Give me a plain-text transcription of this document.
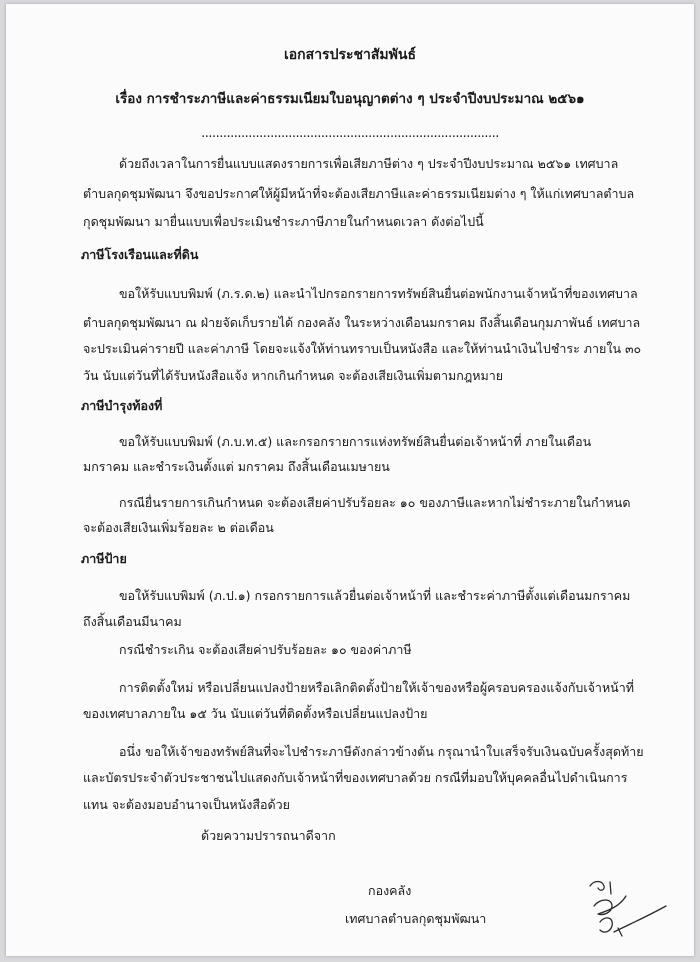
เอกสารประชาสัมพันธ์
เรื่อง การชำระภาษีและค่าธรรมเนียมใบอนุญาตต่าง ๆ ประจำปีงบประมาณ ๒๕๖๑
..................................................................................
ด้วยถึงเวลาในการยื่นแบบแสดงรายการเพื่อเสียภาษีต่าง ๆ ประจำปีงบประมาณ ๒๕๖๑ เทศบาล
ตำบลกุดชุมพัฒนา จึงขอประกาศให้ผู้มีหน้าที่จะต้องเสียภาษีและค่าธรรมเนียมต่าง ๆ ให้แก่เทศบาลตำบล
กุดชุมพัฒนา มายื่นแบบเพื่อประเมินชำระภาษีภายในกำหนดเวลา ดังต่อไปนี้
ภาษีโรงเรือนและที่ดิน
ขอให้รับแบบพิมพ์ (ภ.ร.ด.๒) และนำไปกรอกรายการทรัพย์สินยื่นต่อพนักงานเจ้าหน้าที่ของเทศบาล
ตำบลกุดชุมพัฒนา ณ ฝ่ายจัดเก็บรายได้ กองคลัง ในระหว่างเดือนมกราคม ถึงสิ้นเดือนกุมภาพันธ์ เทศบาล
จะประเมินค่ารายปี และค่าภาษี โดยจะแจ้งให้ท่านทราบเป็นหนังสือ และให้ท่านนำเงินไปชำระ ภายใน ๓๐
วัน นับแต่วันที่ได้รับหนังสือแจ้ง หากเกินกำหนด จะต้องเสียเงินเพิ่มตามกฎหมาย
ภาษีบำรุงท้องที่
ขอให้รับแบบพิมพ์ (ภ.บ.ท.๕) และกรอกรายการแห่งทรัพย์สินยื่นต่อเจ้าหน้าที่ ภายในเดือน
มกราคม และชำระเงินตั้งแต่ มกราคม ถึงสิ้นเดือนเมษายน
กรณียื่นรายการเกินกำหนด จะต้องเสียค่าปรับร้อยละ ๑๐ ของภาษีและหากไม่ชำระภายในกำหนด
จะต้องเสียเงินเพิ่มร้อยละ ๒ ต่อเดือน
ภาษีป้าย
ขอให้รับแบพิมพ์ (ภ.ป.๑) กรอกรายการแล้วยื่นต่อเจ้าหน้าที่ และชำระค่าภาษีตั้งแต่เดือนมกราคม
ถึงสิ้นเดือนมีนาคม
กรณีชำระเกิน จะต้องเสียค่าปรับร้อยละ ๑๐ ของค่าภาษี
การติดตั้งใหม่ หรือเปลี่ยนแปลงป้ายหรือเลิกติดตั้งป้ายให้เจ้าของหรือผู้ครอบครองแจ้งกับเจ้าหน้าที่
ของเทศบาลภายใน ๑๕ วัน นับแต่วันที่ติดตั้งหรือเปลี่ยนแปลงป้าย
อนึ่ง ขอให้เจ้าของทรัพย์สินที่จะไปชำระภาษีดังกล่าวข้างต้น กรุณานำใบเสร็จรับเงินฉบับครั้งสุดท้าย
และบัตรประจำตัวประชาชนไปแสดงกับเจ้าหน้าที่ของเทศบาลด้วย กรณีที่มอบให้บุคคลอื่นไปดำเนินการ
แทน จะต้องมอบอำนาจเป็นหนังสือด้วย
ด้วยความปรารถนาดีจาก
กองคลัง
เทศบาลตำบลกุดชุมพัฒนา
